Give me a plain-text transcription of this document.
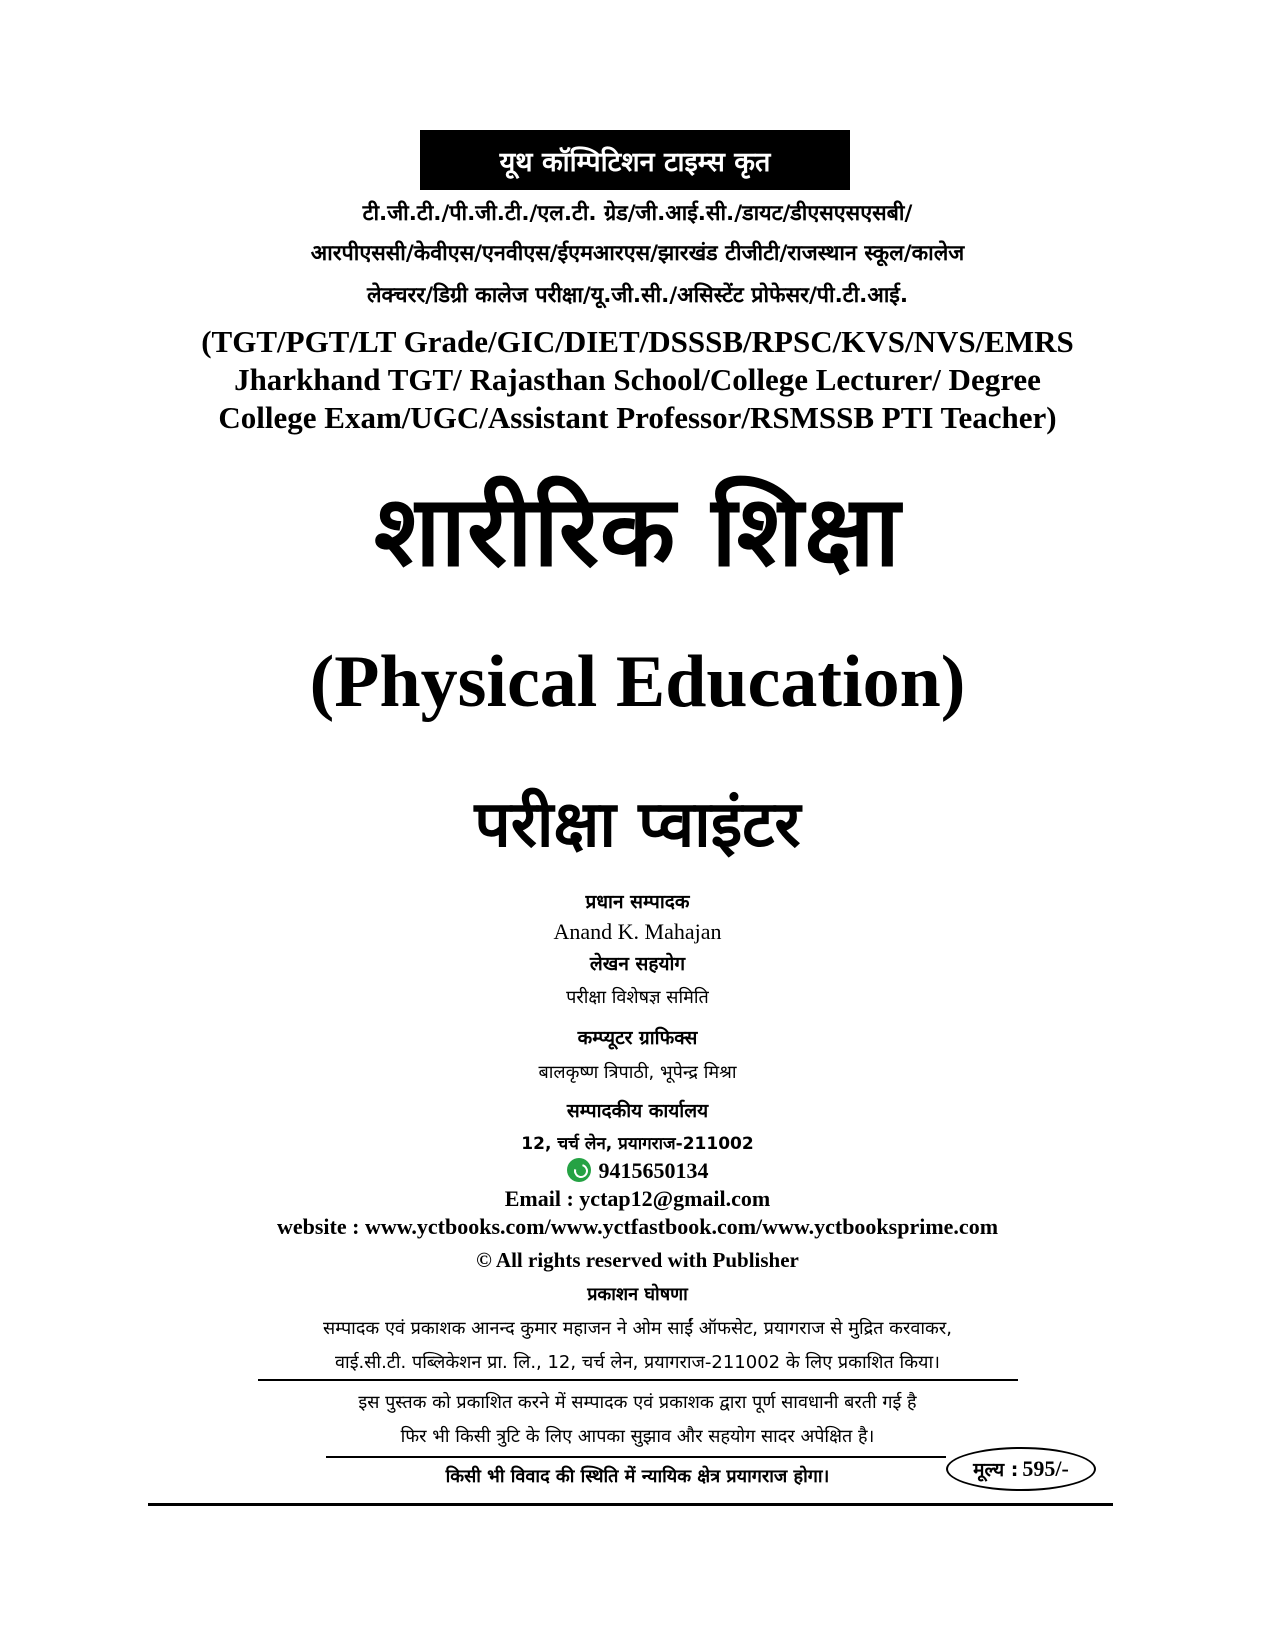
यूथ कॉम्पिटिशन टाइम्स कृत
टी.जी.टी./पी.जी.टी./एल.टी. ग्रेड/जी.आई.सी./डायट/डीएसएसएसबी/
आरपीएससी/केवीएस/एनवीएस/ईएमआरएस/झारखंड टीजीटी/राजस्थान स्कूल/कालेज
लेक्चरर/डिग्री कालेज परीक्षा/यू.जी.सी./असिस्टेंट प्रोफेसर/पी.टी.आई.
(TGT/PGT/LT Grade/GIC/DIET/DSSSB/RPSC/KVS/NVS/EMRS
Jharkhand TGT/ Rajasthan School/College Lecturer/ Degree
College Exam/UGC/Assistant Professor/RSMSSB PTI Teacher)
शारीरिक शिक्षा
(Physical Education)
परीक्षा प्वाइंटर
प्रधान सम्पादक
Anand K. Mahajan
लेखन सहयोग
परीक्षा विशेषज्ञ समिति
कम्प्यूटर ग्राफिक्स
बालकृष्ण त्रिपाठी, भूपेन्द्र मिश्रा
सम्पादकीय कार्यालय
12, चर्च लेन, प्रयागराज-211002
9415650134
Email : yctap12@gmail.com
website : www.yctbooks.com/www.yctfastbook.com/www.yctbooksprime.com
© All rights reserved with Publisher
प्रकाशन घोषणा
सम्पादक एवं प्रकाशक आनन्द कुमार महाजन ने ओम साईं ऑफसेट, प्रयागराज से मुद्रित करवाकर,
वाई.सी.टी. पब्लिकेशन प्रा. लि., 12, चर्च लेन, प्रयागराज-211002 के लिए प्रकाशित किया।
इस पुस्तक को प्रकाशित करने में सम्पादक एवं प्रकाशक द्वारा पूर्ण सावधानी बरती गई है
फिर भी किसी त्रुटि के लिए आपका सुझाव और सहयोग सादर अपेक्षित है।
किसी भी विवाद की स्थिति में न्यायिक क्षेत्र प्रयागराज होगा।	मूल्य : 595/-
